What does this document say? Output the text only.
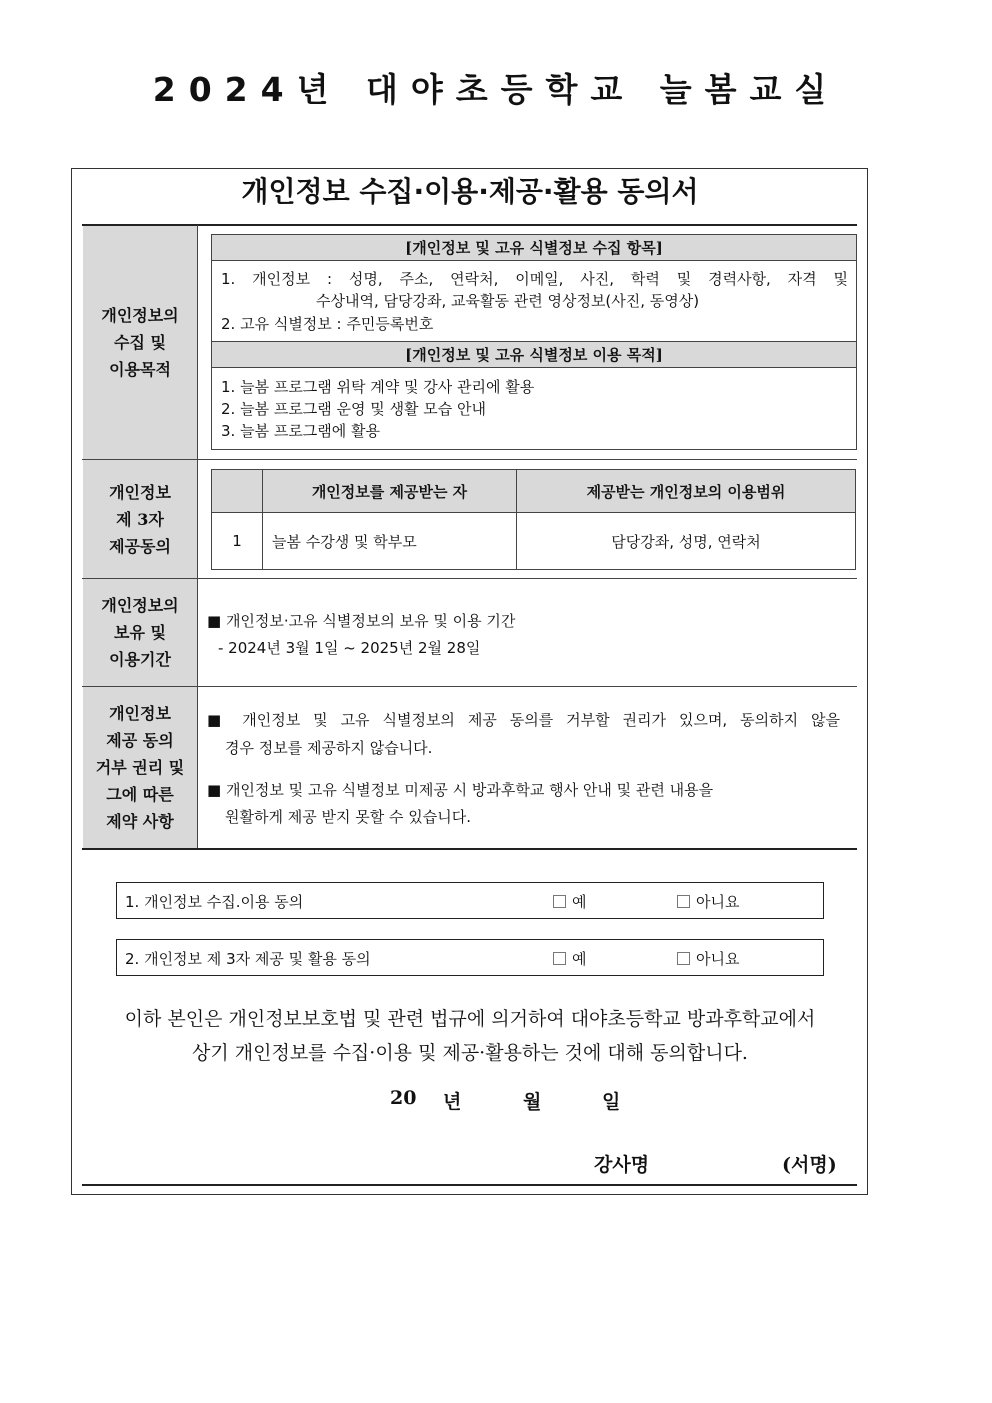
2024년 대야초등학교 늘봄교실
개인정보 수집·이용·제공·활용 동의서
개인정보의
수집 및
이용목적
[개인정보 및 고유 식별정보 수집 항목]
1. 개인정보 : 성명, 주소, 연락처, 이메일, 사진, 학력 및 경력사항, 자격 및
수상내역, 담당강좌, 교육활동 관련 영상정보(사진, 동영상)
2. 고유 식별정보 : 주민등록번호
[개인정보 및 고유 식별정보 이용 목적]
1. 늘봄 프로그램 위탁 계약 및 강사 관리에 활용
2. 늘봄 프로그램 운영 및 생활 모습 안내
3. 늘봄 프로그램에 활용
개인정보
제 3자
제공동의
	개인정보를 제공받는 자	제공받는 개인정보의 이용범위
1	늘봄 수강생 및 학부모	담당강좌, 성명, 연락처
개인정보의
보유 및
이용기간
■ 개인정보·고유 식별정보의 보유 및 이용 기간
- 2024년 3월 1일 ~ 2025년 2월 28일
개인정보
제공 동의
거부 권리 및
그에 따른
제약 사항
■ 개인정보 및 고유 식별정보의 제공 동의를 거부할 권리가 있으며, 동의하지 않을
경우 정보를 제공하지 않습니다.
■ 개인정보 및 고유 식별정보 미제공 시 방과후학교 행사 안내 및 관련 내용을
원활하게 제공 받지 못할 수 있습니다.
1. 개인정보 수집.이용 동의	예	아니요
2. 개인정보 제 3자 제공 및 활용 동의	예	아니요
이하 본인은 개인정보보호법 및 관련 법규에 의거하여 대야초등학교 방과후학교에서
상기 개인정보를 수집·이용 및 제공·활용하는 것에 대해 동의합니다.
20 년	월	일
강사명	(서명)
